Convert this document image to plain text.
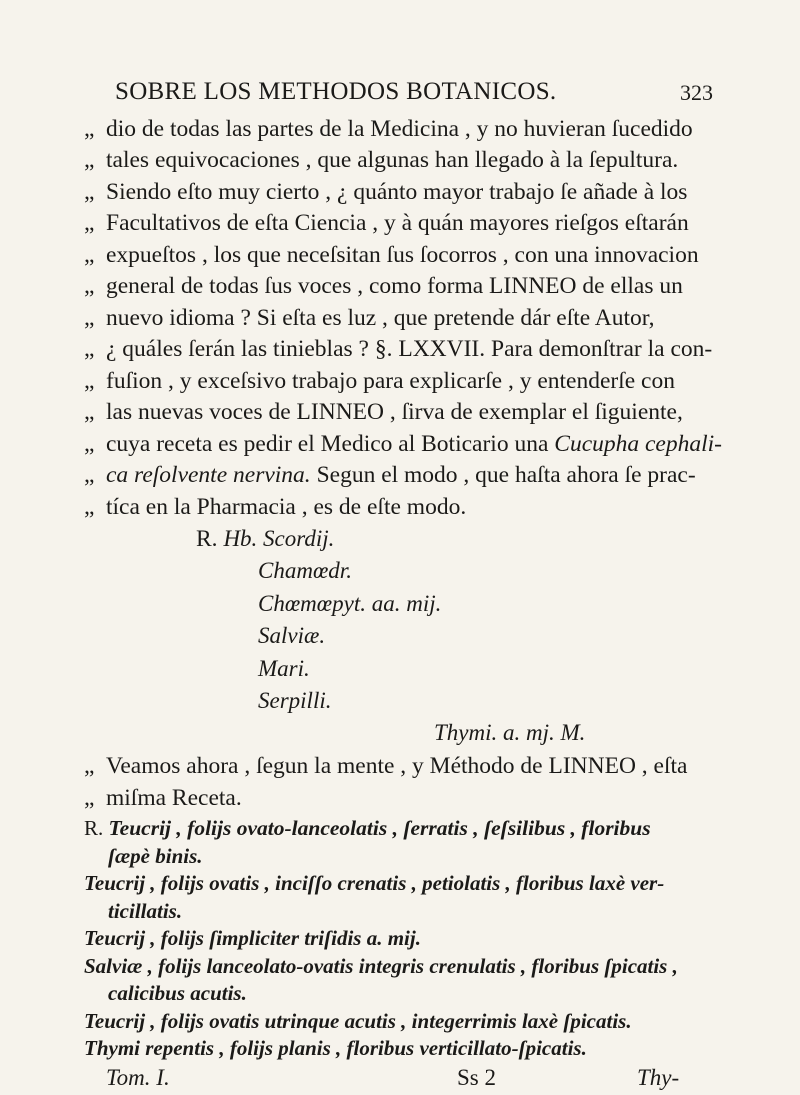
SOBRE LOS METHODOS BOTANICOS.	323
„ dio de todas las partes de la Medicina , y no huvieran ſucedido
„ tales equivocaciones , que algunas han llegado à la ſepultura.
„ Siendo eſto muy cierto , ¿ quánto mayor trabajo ſe añade à los
„ Facultativos de eſta Ciencia , y à quán mayores rieſgos eſtarán
„ expueſtos , los que neceſsitan ſus ſocorros , con una innovacion
„ general de todas ſus voces , como forma LINNEO de ellas un
„ nuevo idioma ? Si eſta es luz , que pretende dár eſte Autor,
„ ¿ quáles ſerán las tinieblas ? §. LXXVII. Para demonſtrar la con-
„ fuſion , y exceſsivo trabajo para explicarſe , y entenderſe con
„ las nuevas voces de LINNEO , ſirva de exemplar el ſiguiente,
„ cuya receta es pedir el Medico al Boticario una Cucupha cephali-
„ ca reſolvente nervina. Segun el modo , que haſta ahora ſe prac-
„ tíca en la Pharmacia , es de eſte modo.
R. Hb. Scordij.
Chamœdr.
Chœmœpyt. aa. mij.
Salviæ.
Mari.
Serpilli.
Thymi. a. mj. M.
„ Veamos ahora , ſegun la mente , y Méthodo de LINNEO , eſta
„ miſma Receta.
R. Teucrij , folijs ovato-lanceolatis , ſerratis , ſeſsilibus , floribus
ſæpè binis.
Teucrij , folijs ovatis , inciſſo crenatis , petiolatis , floribus laxè ver-
ticillatis.
Teucrij , folijs ſimpliciter triſidis a. mij.
Salviæ , folijs lanceolato-ovatis integris crenulatis , floribus ſpicatis ,
calicibus acutis.
Teucrij , folijs ovatis utrinque acutis , integerrimis laxè ſpicatis.
Thymi repentis , folijs planis , floribus verticillato-ſpicatis.
Tom. I.	Ss 2	Thy-
